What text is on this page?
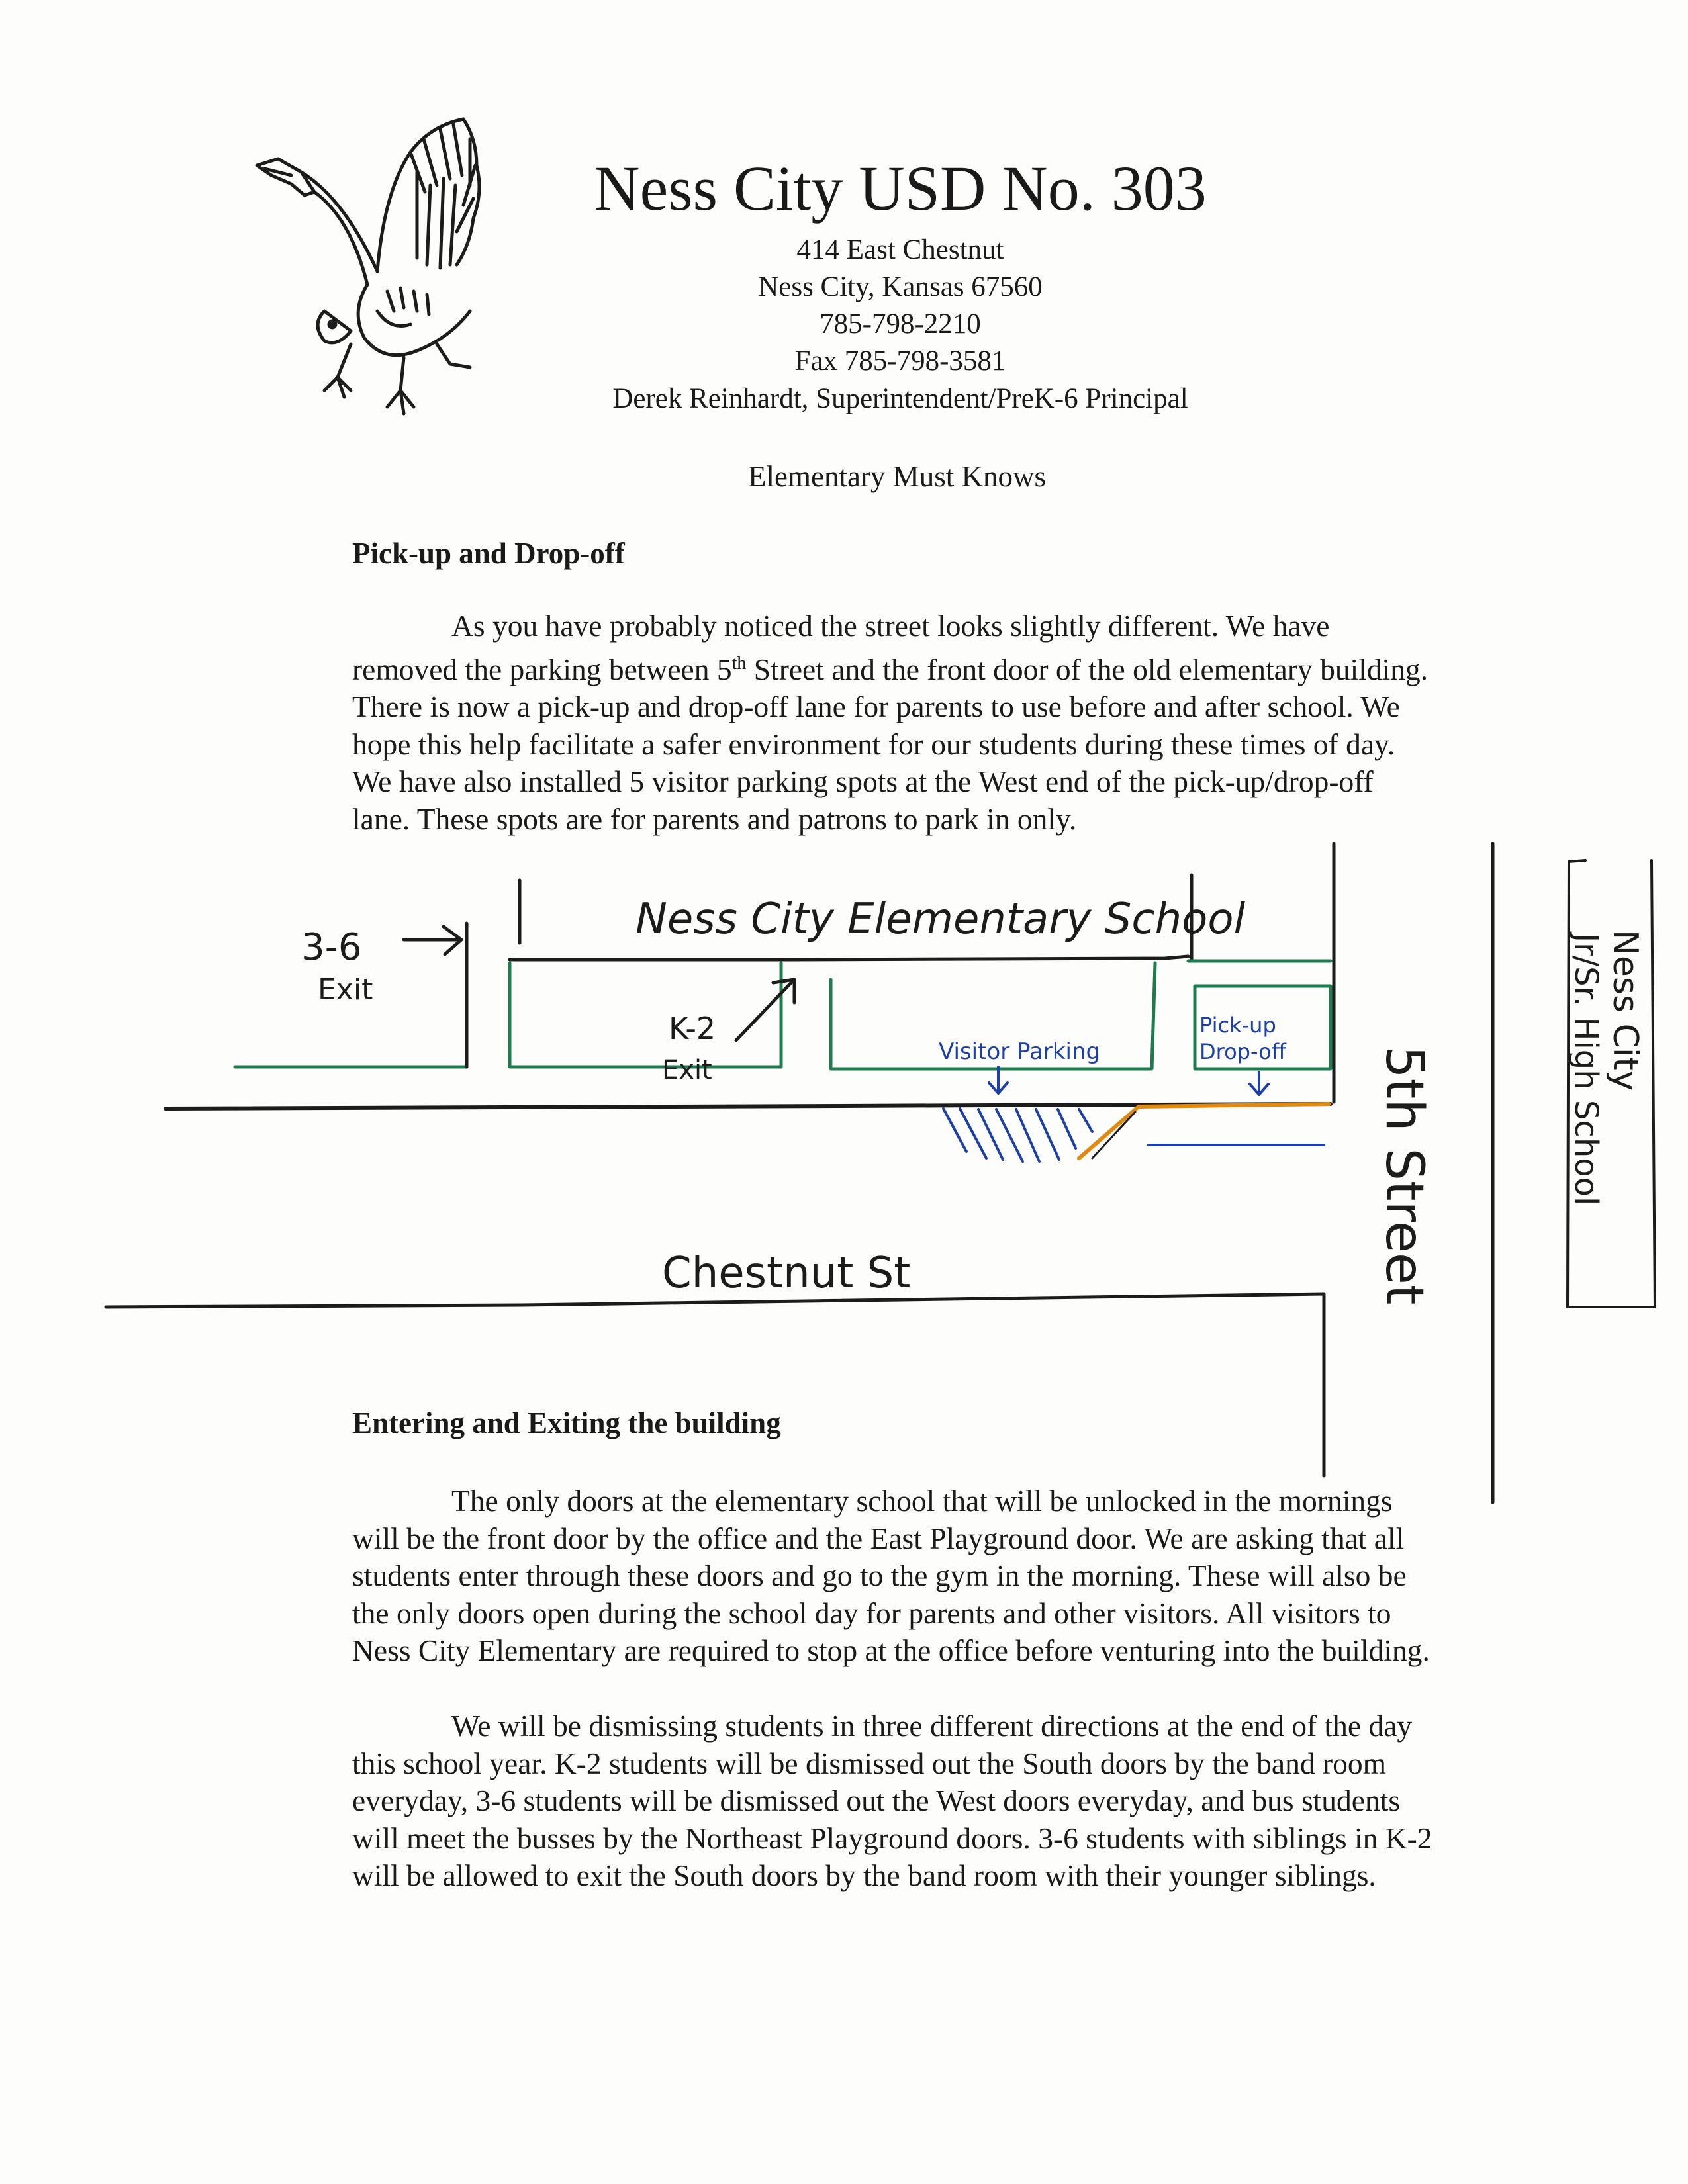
Ness City USD No. 303
414 East Chestnut
Ness City, Kansas 67560
785-798-2210
Fax 785-798-3581
Derek Reinhardt, Superintendent/PreK-6 Principal
Elementary Must Knows
Pick-up and Drop-off

As you have probably noticed the street looks slightly different. We have removed the parking between 5th Street and the front door of the old elementary building. There is now a pick-up and drop-off lane for parents to use before and after school. We hope this help facilitate a safer environment for our students during these times of day. We have also installed 5 visitor parking spots at the West end of the pick-up/drop-off lane. These spots are for parents and patrons to park in only.

Ness City Elementary School
3-6
Exit
K-2
Exit
Visitor Parking
Pick-up
Drop-off
Chestnut St	5th Street
Ness City
Jr/Sr. High School
Entering and Exiting the building

The only doors at the elementary school that will be unlocked in the mornings will be the front door by the office and the East Playground door. We are asking that all students enter through these doors and go to the gym in the morning. These will also be the only doors open during the school day for parents and other visitors. All visitors to Ness City Elementary are required to stop at the office before venturing into the building.

We will be dismissing students in three different directions at the end of the day this school year. K-2 students will be dismissed out the South doors by the band room everyday, 3-6 students will be dismissed out the West doors everyday, and bus students will meet the busses by the Northeast Playground doors. 3-6 students with siblings in K-2 will be allowed to exit the South doors by the band room with their younger siblings.
